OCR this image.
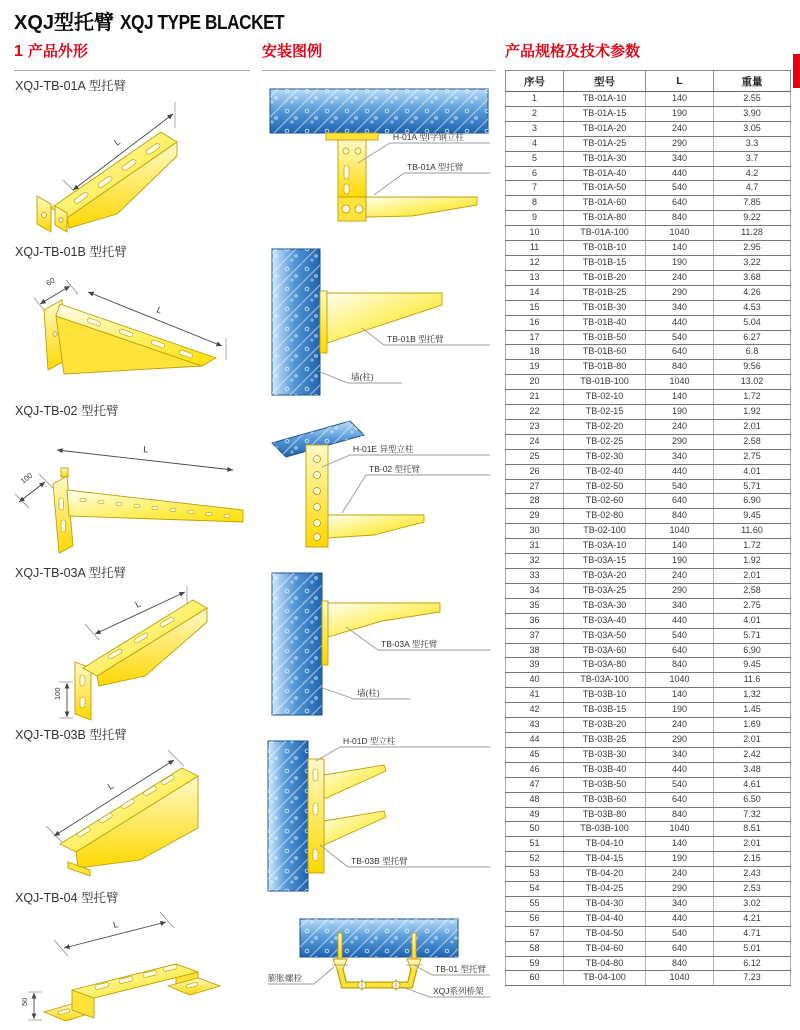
XQJ型托臂 XQJ TYPE BLACKET
1 产品外形	安装图例	产品规格及技术参数
XQJ-TB-01A 型托臂
L
XQJ-TB-01B 型托臂
60
L
XQJ-TB-02 型托臂
L
100
XQJ-TB-03A 型托臂
L
100
XQJ-TB-03B 型托臂
L
XQJ-TB-04 型托臂
L
50
H-01A 型I字钢立柱
TB-01A 型托臂
TB-01B 型托臂
墙(柱)
H-01E 异型立柱
TB-02 型托臂
TB-03A 型托臂
墙(柱)
H-01D 型立柱
TB-03B 型托臂
膨胀螺栓
TB-01 型托臂
XQJ系列桥架
序号	型号	L	重量
1	TB-01A-10	140	2.55
2	TB-01A-15	190	3.90
3	TB-01A-20	240	3.05
4	TB-01A-25	290	3.3
5	TB-01A-30	340	3.7
6	TB-01A-40	440	4.2
7	TB-01A-50	540	4.7
8	TB-01A-60	640	7.85
9	TB-01A-80	840	9.22
10	TB-01A-100	1040	11.28
11	TB-01B-10	140	2.95
12	TB-01B-15	190	3.22
13	TB-01B-20	240	3.68
14	TB-01B-25	290	4.26
15	TB-01B-30	340	4.53
16	TB-01B-40	440	5.04
17	TB-01B-50	540	6.27
18	TB-01B-60	640	6.8
19	TB-01B-80	840	9.56
20	TB-01B-100	1040	13.02
21	TB-02-10	140	1.72
22	TB-02-15	190	1.92
23	TB-02-20	240	2.01
24	TB-02-25	290	2.58
25	TB-02-30	340	2.75
26	TB-02-40	440	4.01
27	TB-02-50	540	5.71
28	TB-02-60	640	6.90
29	TB-02-80	840	9.45
30	TB-02-100	1040	11.60
31	TB-03A-10	140	1.72
32	TB-03A-15	190	1.92
33	TB-03A-20	240	2.01
34	TB-03A-25	290	2.58
35	TB-03A-30	340	2.75
36	TB-03A-40	440	4.01
37	TB-03A-50	540	5.71
38	TB-03A-60	640	6.90
39	TB-03A-80	840	9.45
40	TB-03A-100	1040	11.6
41	TB-03B-10	140	1.32
42	TB-03B-15	190	1.45
43	TB-03B-20	240	1.69
44	TB-03B-25	290	2.01
45	TB-03B-30	340	2.42
46	TB-03B-40	440	3.48
47	TB-03B-50	540	4.61
48	TB-03B-60	640	6.50
49	TB-03B-80	840	7.32
50	TB-03B-100	1040	8.51
51	TB-04-10	140	2.01
52	TB-04-15	190	2.15
53	TB-04-20	240	2.43
54	TB-04-25	290	2.53
55	TB-04-30	340	3.02
56	TB-04-40	440	4.21
57	TB-04-50	540	4.71
58	TB-04-60	640	5.01
59	TB-04-80	840	6.12
60	TB-04-100	1040	7.23
